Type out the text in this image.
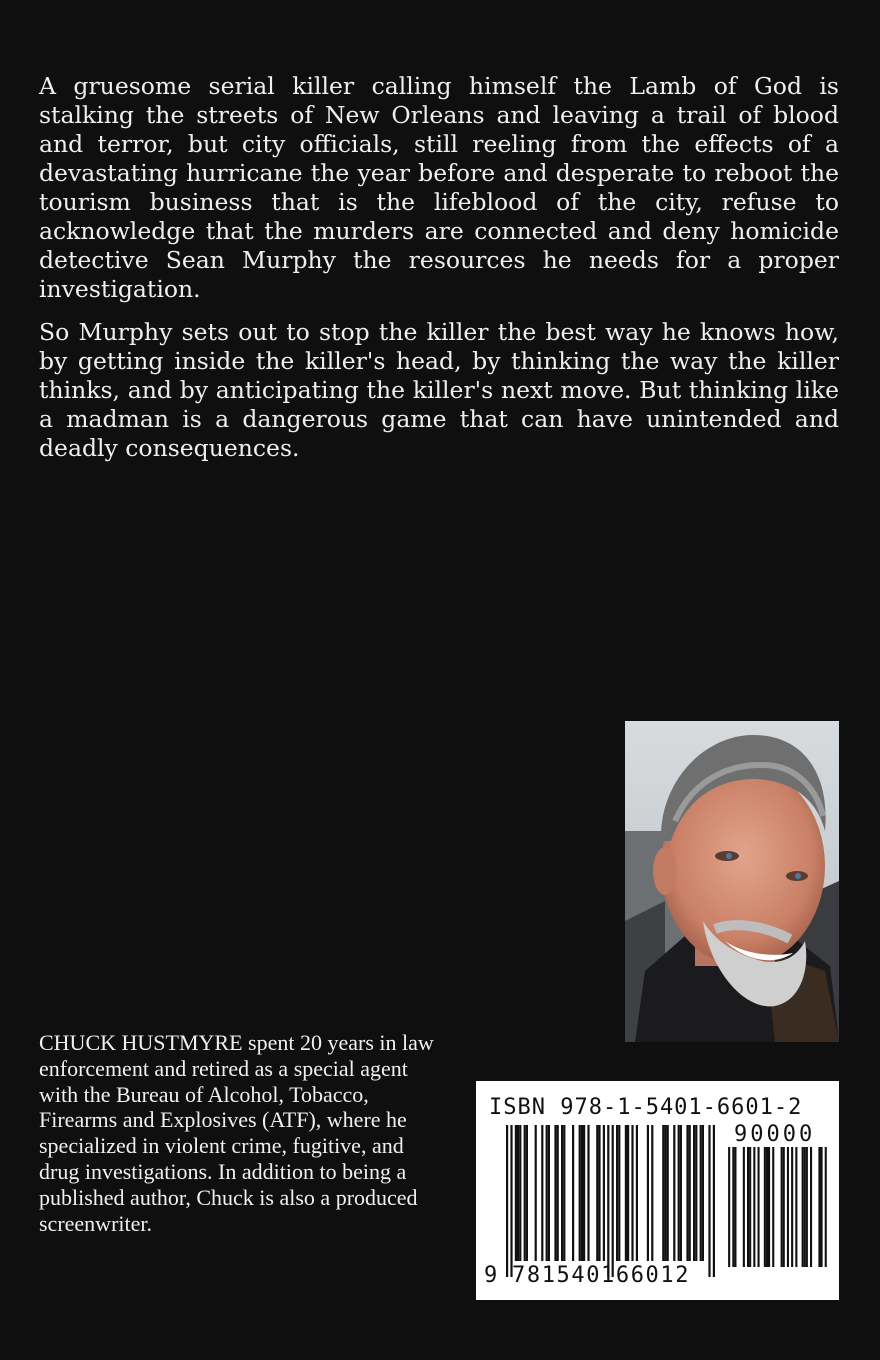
A gruesome serial killer calling himself the Lamb of God is stalking the streets of New Orleans and leaving a trail of blood and terror, but city officials, still reeling from the effects of a devastating hurricane the year before and desperate to reboot the tourism business that is the lifeblood of the city, refuse to acknowledge that the murders are connected and deny homicide detective Sean Murphy the resources he needs for a proper investigation.

So Murphy sets out to stop the killer the best way he knows how, by getting inside the killer's head, by thinking the way the killer thinks, and by anticipating the killer's next move. But thinking like a madman is a dangerous game that can have unintended and deadly consequences.

CHUCK HUSTMYRE spent 20 years in law enforcement and retired as a special agent with the Bureau of Alcohol, Tobacco, Firearms and Explosives (ATF), where he specialized in violent crime, fugitive, and drug investigations. In addition to being a published author, Chuck is also a produced screenwriter.
ISBN 978-1-5401-6601-2
90000
9 781540 166012
